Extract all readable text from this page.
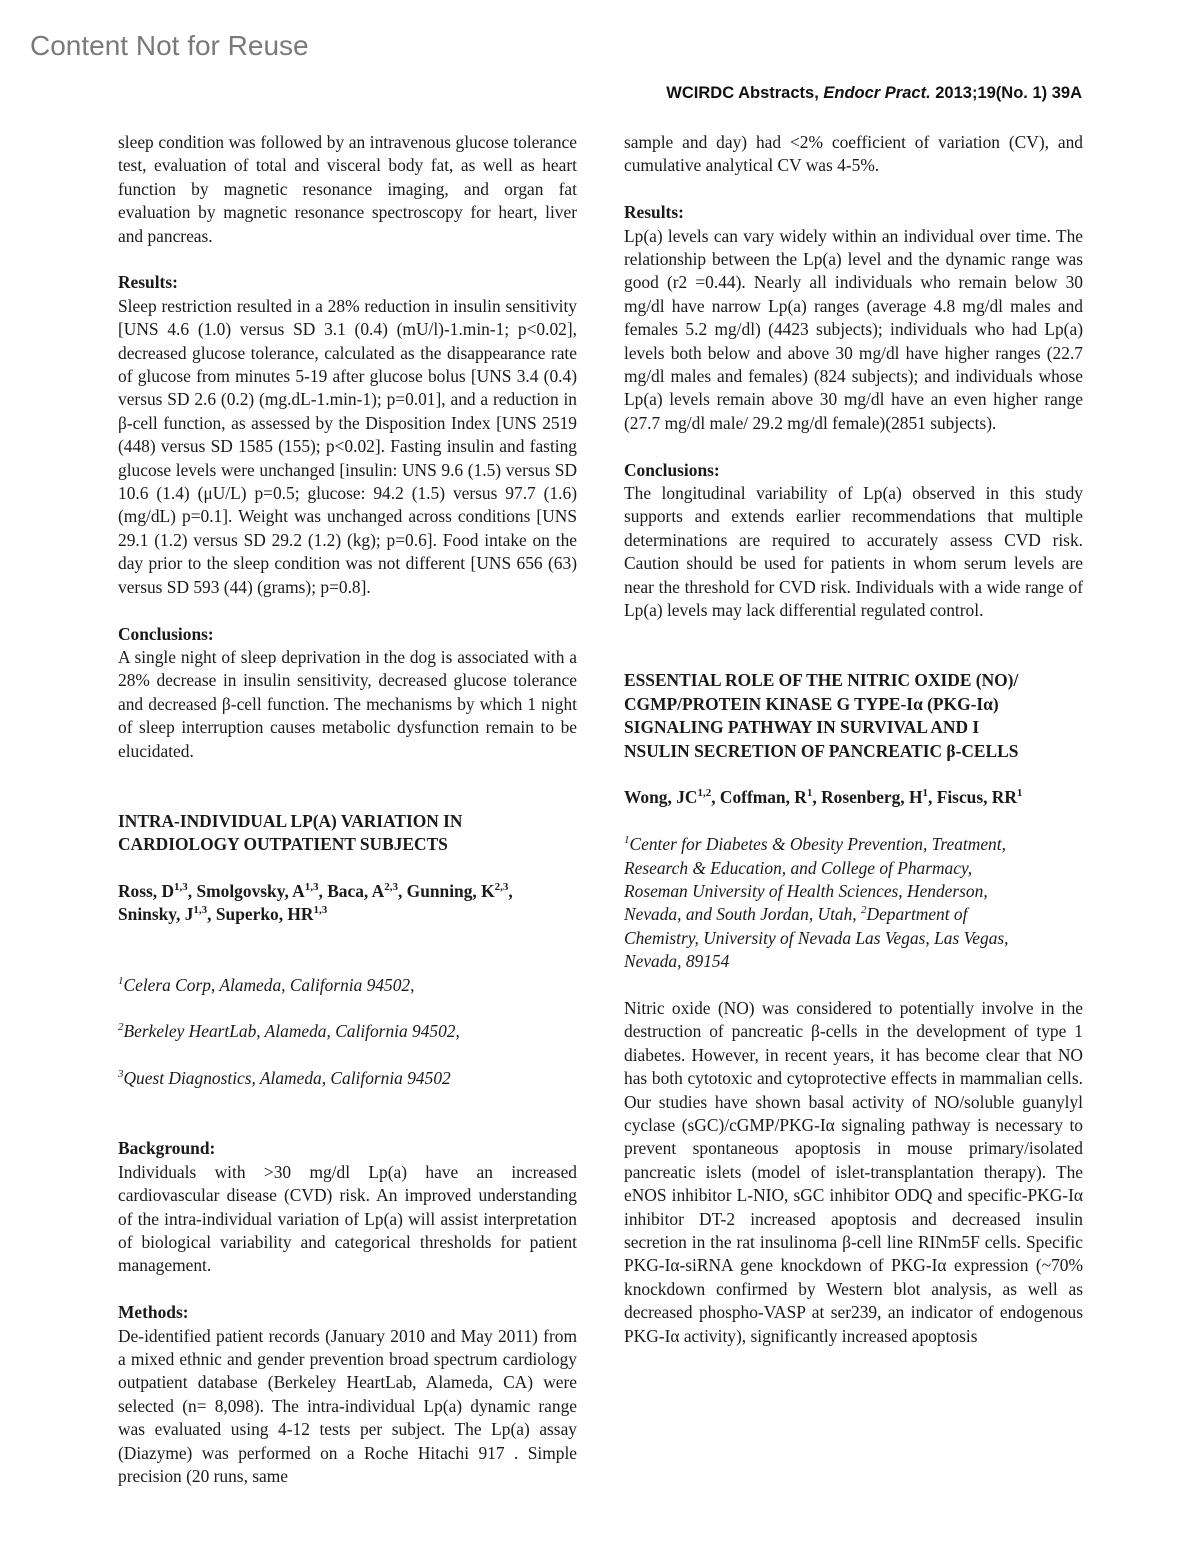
Content Not for Reuse
WCIRDC Abstracts, Endocr Pract. 2013;19(No. 1) 39A

sleep condition was followed by an intravenous glucose tolerance test, evaluation of total and visceral body fat, as well as heart function by magnetic resonance imaging, and organ fat evaluation by magnetic resonance spectroscopy for heart, liver and pancreas.

Results:

Sleep restriction resulted in a 28% reduction in insulin sensitivity [UNS 4.6 (1.0) versus SD 3.1 (0.4) (mU/l)-1.min-1; p<0.02], decreased glucose tolerance, calculated as the disappearance rate of glucose from minutes 5-19 after glucose bolus [UNS 3.4 (0.4) versus SD 2.6 (0.2) (mg.dL-1.min-1); p=0.01], and a reduction in β-cell function, as assessed by the Disposition Index [UNS 2519 (448) versus SD 1585 (155); p<0.02]. Fasting insulin and fasting glucose levels were unchanged [insulin: UNS 9.6 (1.5) versus SD 10.6 (1.4) (μU/L) p=0.5; glucose: 94.2 (1.5) versus 97.7 (1.6) (mg/dL) p=0.1]. Weight was unchanged across conditions [UNS 29.1 (1.2) versus SD 29.2 (1.2) (kg); p=0.6]. Food intake on the day prior to the sleep condition was not different [UNS 656 (63) versus SD 593 (44) (grams); p=0.8].

Conclusions:

A single night of sleep deprivation in the dog is associated with a 28% decrease in insulin sensitivity, decreased glucose tolerance and decreased β-cell function. The mechanisms by which 1 night of sleep interruption causes metabolic dysfunction remain to be elucidated.

INTRA-INDIVIDUAL LP(A) VARIATION IN CARDIOLOGY OUTPATIENT SUBJECTS

Ross, D$^{1,3}$, Smolgovsky, A$^{1,3}$, Baca, A$^{2,3}$, Gunning, K$^{2,3}$, Sninsky, J$^{1,3}$, Superko, HR$^{1,3}$

$^1$Celera Corp, Alameda, California 94502,

$^2$Berkeley HeartLab, Alameda, California 94502,

$^3$Quest Diagnostics, Alameda, California 94502

Background:

Individuals with >30 mg/dl Lp(a) have an increased cardiovascular disease (CVD) risk. An improved understanding of the intra-individual variation of Lp(a) will assist interpretation of biological variability and categorical thresholds for patient management.

Methods:

De-identified patient records (January 2010 and May 2011) from a mixed ethnic and gender prevention broad spectrum cardiology outpatient database (Berkeley HeartLab, Alameda, CA) were selected (n= 8,098). The intra-individual Lp(a) dynamic range was evaluated using 4-12 tests per subject. The Lp(a) assay (Diazyme) was performed on a Roche Hitachi 917 . Simple precision (20 runs, same

sample and day) had <2% coefficient of variation (CV), and cumulative analytical CV was 4-5%.

Results:

Lp(a) levels can vary widely within an individual over time. The relationship between the Lp(a) level and the dynamic range was good (r2 =0.44). Nearly all individuals who remain below 30 mg/dl have narrow Lp(a) ranges (average 4.8 mg/dl males and females 5.2 mg/dl) (4423 subjects); individuals who had Lp(a) levels both below and above 30 mg/dl have higher ranges (22.7 mg/dl males and females) (824 subjects); and individuals whose Lp(a) levels remain above 30 mg/dl have an even higher range (27.7 mg/dl male/ 29.2 mg/dl female)(2851 subjects).

Conclusions:

The longitudinal variability of Lp(a) observed in this study supports and extends earlier recommendations that multiple determinations are required to accurately assess CVD risk. Caution should be used for patients in whom serum levels are near the threshold for CVD risk. Individuals with a wide range of Lp(a) levels may lack differential regulated control.

ESSENTIAL ROLE OF THE NITRIC OXIDE (NO)/
CGMP/PROTEIN KINASE G TYPE-Iα (PKG-Iα)
SIGNALING PATHWAY IN SURVIVAL AND I
NSULIN SECRETION OF PANCREATIC β-CELLS

Wong, JC$^{1,2}$, Coffman, $R^1$, Rosenberg, $H^1$, Fiscus, $RR^1$

$^1$Center for Diabetes & Obesity Prevention, Treatment,
Research & Education, and College of Pharmacy,
Roseman University of Health Sciences, Henderson,
Nevada, and South Jordan, Utah, $^2$Department of
Chemistry, University of Nevada Las Vegas, Las Vegas,
Nevada, 89154

Nitric oxide (NO) was considered to potentially involve in the destruction of pancreatic β-cells in the development of type 1 diabetes. However, in recent years, it has become clear that NO has both cytotoxic and cytoprotective effects in mammalian cells. Our studies have shown basal activity of NO/soluble guanylyl cyclase (sGC)/cGMP/PKG-Iα signaling pathway is necessary to prevent spontaneous apoptosis in mouse primary/isolated pancreatic islets (model of islet-transplantation therapy). The eNOS inhibitor L-NIO, sGC inhibitor ODQ and specific-PKG-Iα inhibitor DT-2 increased apoptosis and decreased insulin secretion in the rat insulinoma β-cell line RINm5F cells. Specific PKG-Iα-siRNA gene knockdown of PKG-Iα expression (~70% knockdown confirmed by Western blot analysis, as well as decreased phospho-VASP at ser239, an indicator of endogenous PKG-Iα activity), significantly increased apoptosis
